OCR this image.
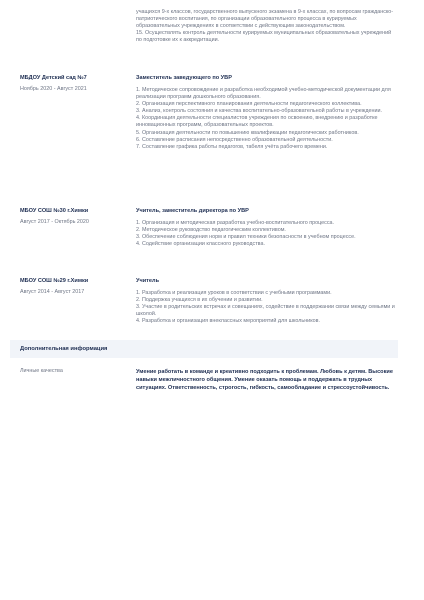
учащихся 9-х классов, государственного выпускного экзамена в 9-х классах, по вопросам гражданско-патриотического воспитания, по организации образовательного процесса в курируемых образовательных учреждениях в соответствии с действующим законодательством.

15. Осуществлять контроль деятельности курируемых муниципальных образовательных учреждений по подготовке их к аккредитации.

МБДОУ Детский сад №7
Ноябрь 2020 - Август 2021
Заместитель заведующего по УВР

1. Методическое сопровождение и разработка необходимой учебно-методической документации для реализации программ дошкольного образования.

2. Организация перспективного планирования деятельности педагогического коллектива.

3. Анализ, контроль состояния и качества воспитательно-образовательной работы в учреждении.

4. Координация деятельности специалистов учреждения по освоению, внедрению и разработке инновационных программ, образовательных проектов.

5. Организация деятельности по повышению квалификации педагогических работников.

6. Составление расписания непосредственно образовательной деятельности.

7. Составление графика работы педагогов, табеля учёта рабочего времени.

МБОУ СОШ №30 г.Химки
Август 2017 - Октябрь 2020
Учитель, заместитель директора по УВР

1. Организация и методическая разработка учебно-воспитательного процесса.

2. Методическое руководство педагогическим коллективом.

3. Обеспечение соблюдения норм и правил техники безопасности в учебном процессе.

4. Содействие организации классного руководства.

МБОУ СОШ №29 г.Химки
Август 2014 - Август 2017
Учитель

1. Разработка и реализация уроков в соответствии с учебными программами.

2. Поддержка учащихся в их обучении и развитии.

3. Участие в родительских встречах и совещаниях, содействие в поддержании связи между семьями и школой.

4. Разработка и организация внеклассных мероприятий для школьников.

Дополнительная информация
Личные качества	Умение работать в команде и креативно подходить к проблемам. Любовь к детям. Высокие навыки межличностного общения. Умение оказать помощь и поддержать в трудных ситуациях. Ответственность, строгость, гибкость, самообладание и стрессоустойчивость.
